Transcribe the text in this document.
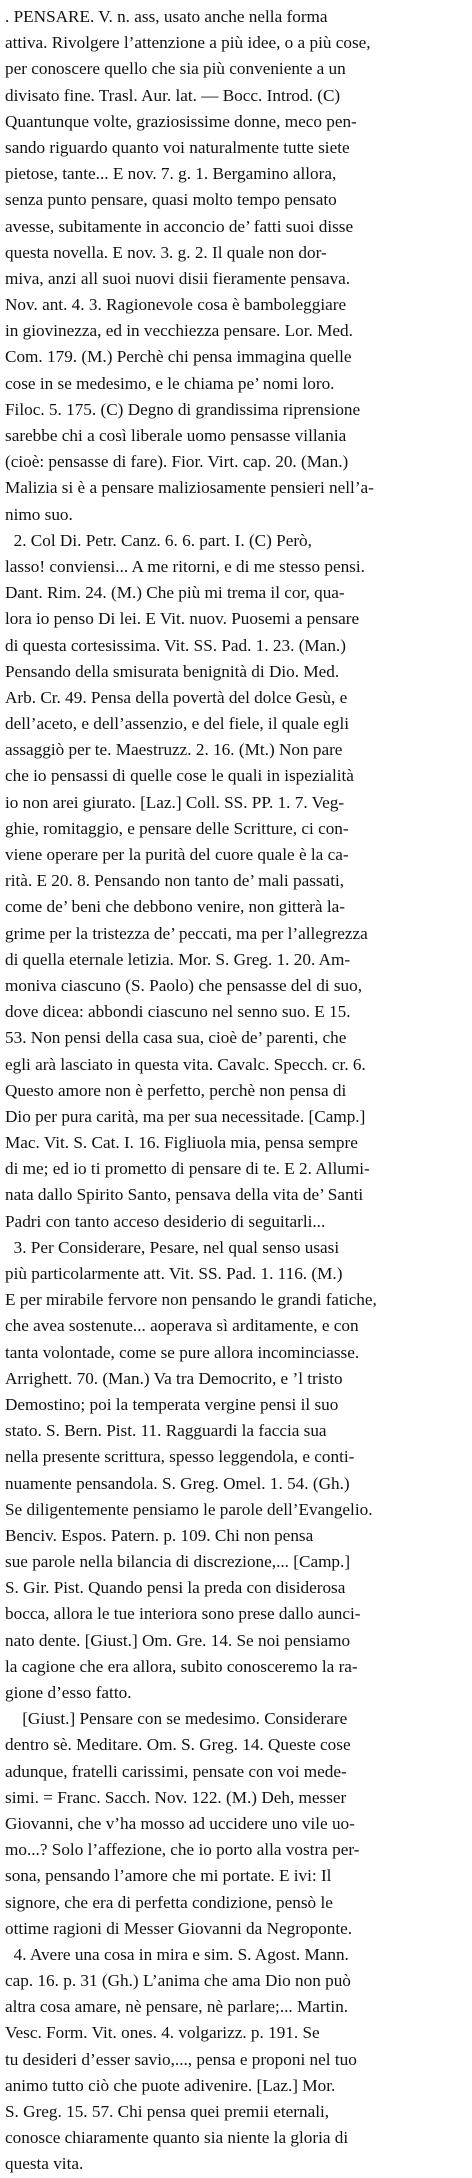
. PENSARE. V. n. ass, usato anche nella forma
attiva. Rivolgere l’attenzione a più idee, o a più cose,
per conoscere quello che sia più conveniente a un
divisato fine. Trasl. Aur. lat. — Bocc. Introd. (C)
Quantunque volte, graziosissime donne, meco pen-
sando riguardo quanto voi naturalmente tutte siete
pietose, tante... E nov. 7. g. 1. Bergamino allora,
senza punto pensare, quasi molto tempo pensato
avesse, subitamente in acconcio de’ fatti suoi disse
questa novella. E nov. 3. g. 2. Il quale non dor-
miva, anzi all suoi nuovi disii fieramente pensava.
Nov. ant. 4. 3. Ragionevole cosa è bamboleggiare
in giovinezza, ed in vecchiezza pensare. Lor. Med.
Com. 179. (M.) Perchè chi pensa immagina quelle
cose in se medesimo, e le chiama pe’ nomi loro.
Filoc. 5. 175. (C) Degno di grandissima riprensione
sarebbe chi a così liberale uomo pensasse villania
(cioè: pensasse di fare). Fior. Virt. cap. 20. (Man.)
Malizia si è a pensare maliziosamente pensieri nell’a-
nimo suo.
2. Col Di. Petr. Canz. 6. 6. part. I. (C) Però,
lasso! conviensi... A me ritorni, e di me stesso pensi.
Dant. Rim. 24. (M.) Che più mi trema il cor, qua-
lora io penso Di lei. E Vit. nuov. Puosemi a pensare
di questa cortesissima. Vit. SS. Pad. 1. 23. (Man.)
Pensando della smisurata benignità di Dio. Med.
Arb. Cr. 49. Pensa della povertà del dolce Gesù, e
dell’aceto, e dell’assenzio, e del fiele, il quale egli
assaggiò per te. Maestruzz. 2. 16. (Mt.) Non pare
che io pensassi di quelle cose le quali in ispezialità
io non arei giurato. [Laz.] Coll. SS. PP. 1. 7. Veg-
ghie, romitaggio, e pensare delle Scritture, ci con-
viene operare per la purità del cuore quale è la ca-
rità. E 20. 8. Pensando non tanto de’ mali passati,
come de’ beni che debbono venire, non gitterà la-
grime per la tristezza de’ peccati, ma per l’allegrezza
di quella eternale letizia. Mor. S. Greg. 1. 20. Am-
moniva ciascuno (S. Paolo) che pensasse del di suo,
dove dicea: abbondi ciascuno nel senno suo. E 15.
53. Non pensi della casa sua, cioè de’ parenti, che
egli arà lasciato in questa vita. Cavalc. Specch. cr. 6.
Questo amore non è perfetto, perchè non pensa di
Dio per pura carità, ma per sua necessitade. [Camp.]
Mac. Vit. S. Cat. I. 16. Figliuola mia, pensa sempre
di me; ed io ti prometto di pensare di te. E 2. Allumi-
nata dallo Spirito Santo, pensava della vita de’ Santi
Padri con tanto acceso desiderio di seguitarli...
3. Per Considerare, Pesare, nel qual senso usasi
più particolarmente att. Vit. SS. Pad. 1. 116. (M.)
E per mirabile fervore non pensando le grandi fatiche,
che avea sostenute... aoperava sì arditamente, e con
tanta volontade, come se pure allora incominciasse.
Arrighett. 70. (Man.) Va tra Democrito, e ’l tristo
Demostino; poi la temperata vergine pensi il suo
stato. S. Bern. Pist. 11. Ragguardi la faccia sua
nella presente scrittura, spesso leggendola, e conti-
nuamente pensandola. S. Greg. Omel. 1. 54. (Gh.)
Se diligentemente pensiamo le parole dell’Evangelio.
Benciv. Espos. Patern. p. 109. Chi non pensa
sue parole nella bilancia di discrezione,... [Camp.]
S. Gir. Pist. Quando pensi la preda con disiderosa
bocca, allora le tue interiora sono prese dallo aunci-
nato dente. [Giust.] Om. Gre. 14. Se noi pensiamo
la cagione che era allora, subito conosceremo la ra-
gione d’esso fatto.
[Giust.] Pensare con se medesimo. Considerare
dentro sè. Meditare. Om. S. Greg. 14. Queste cose
adunque, fratelli carissimi, pensate con voi mede-
simi. = Franc. Sacch. Nov. 122. (M.) Deh, messer
Giovanni, che v’ha mosso ad uccidere uno vile uo-
mo...? Solo l’affezione, che io porto alla vostra per-
sona, pensando l’amore che mi portate. E ivi: Il
signore, che era di perfetta condizione, pensò le
ottime ragioni di Messer Giovanni da Negroponte.
4. Avere una cosa in mira e sim. S. Agost. Mann.
cap. 16. p. 31 (Gh.) L’anima che ama Dio non può
altra cosa amare, nè pensare, nè parlare;... Martin.
Vesc. Form. Vit. ones. 4. volgarizz. p. 191. Se
tu desideri d’esser savio,..., pensa e proponi nel tuo
animo tutto ciò che puote adivenire. [Laz.] Mor.
S. Greg. 15. 57. Chi pensa quei premii eternali,
conosce chiaramente quanto sia niente la gloria di
questa vita.
